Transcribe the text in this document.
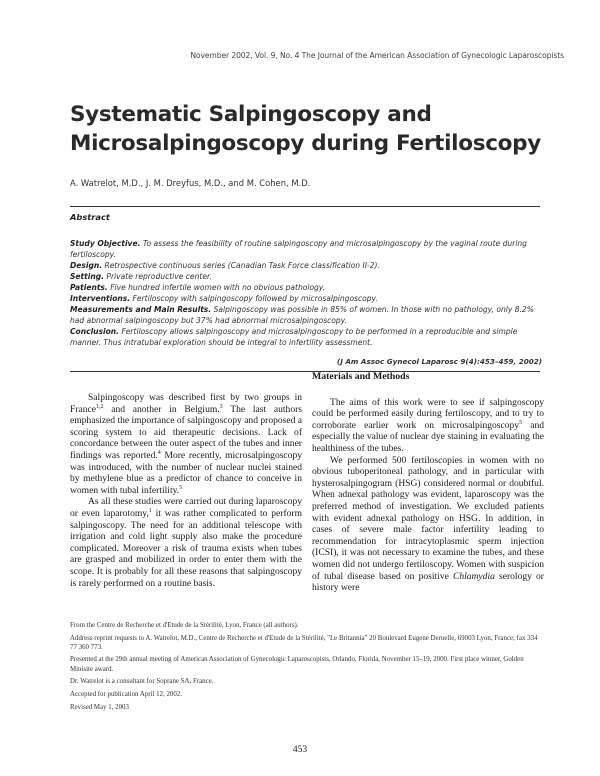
November 2002, Vol. 9, No. 4 The Journal of the American Association of Gynecologic Laparoscopists
Systematic Salpingoscopy and
Microsalpingoscopy during Fertiloscopy
A. Watrelot, M.D., J. M. Dreyfus, M.D., and M. Cohen, M.D.
Abstract

Study Objective. To assess the feasibility of routine salpingoscopy and microsalpingoscopy by the vaginal route during fertiloscopy.

Design. Retrospective continuous series (Canadian Task Force classification II-2).

Setting. Private reproductive center.

Patients. Five hundred infertile women with no obvious pathology.

Interventions. Fertiloscopy with salpingoscopy followed by microsalpingoscopy.

Measurements and Main Results. Salpingoscopy was possible in 85% of women. In those with no pathology, only 8.2% had abnormal salpingoscopy but 37% had abnormal microsalpingoscopy.

Conclusion. Fertiloscopy allows salpingoscopy and microsalpingoscopy to be performed in a reproducible and simple manner. Thus intratubal exploration should be integral to infertility assessment.

(J Am Assoc Gynecol Laparosc 9(4):453–459, 2002)

Salpingoscopy was described first by two groups in France$^{1,2}$ and another in Belgium.$^3$ The last authors emphasized the importance of salpingoscopy and proposed a scoring system to aid therapeutic decisions. Lack of concordance between the outer aspect of the tubes and inner findings was reported.$^4$ More recently, microsalpingoscopy was introduced, with the number of nuclear nuclei stained by methylene blue as a predictor of chance to conceive in women with tubal infertility.$^5$

As all these studies were carried out during laparoscopy or even laparotomy,$^1$ it was rather complicated to perform salpingoscopy. The need for an additional telescope with irrigation and cold light supply also make the procedure complicated. Moreover a risk of trauma exists when tubes are grasped and mobilized in order to enter them with the scope. It is probably for all these reasons that salpingoscopy is rarely performed on a routine basis.

Materials and Methods

The aims of this work were to see if salpingoscopy could be performed easily during fertiloscopy, and to try to corroborate earlier work on microsalpingoscopy$^5$ and especially the value of nuclear dye staining in evaluating the healthiness of the tubes.

We performed 500 fertiloscopies in women with no obvious tuboperitoneal pathology, and in particular with hysterosalpingogram (HSG) considered normal or doubtful. When adnexal pathology was evident, laparoscopy was the preferred method of investigation. We excluded patients with evident adnexal pathology on HSG. In addition, in cases of severe male factor infertility leading to recommendation for intracytoplasmic sperm injection (ICSI), it was not necessary to examine the tubes, and these women did not undergo fertiloscopy. Women with suspicion of tubal disease based on positive Chlamydia serology or history were

From the Centre de Recherche et d'Etude de la Stérilité, Lyon, France (all authors).

Address reprint requests to A. Watrelot, M.D., Centre de Recherche et d'Etude de la Stérilité, "Le Britannia" 20 Boulevard Eugene Deruelle, 69003 Lyon, France; fax 334 77 360 773.

Presented at the 29th annual meeting of American Association of Gynecologic Laparoscopists, Orlando, Florida, November 15–19, 2000. First place winner, Golden Minisite award.

Dr. Watrelot is a consultant for Soprane SA, France.

Accepted for publication April 12, 2002.

Revised May 1, 2003

453
